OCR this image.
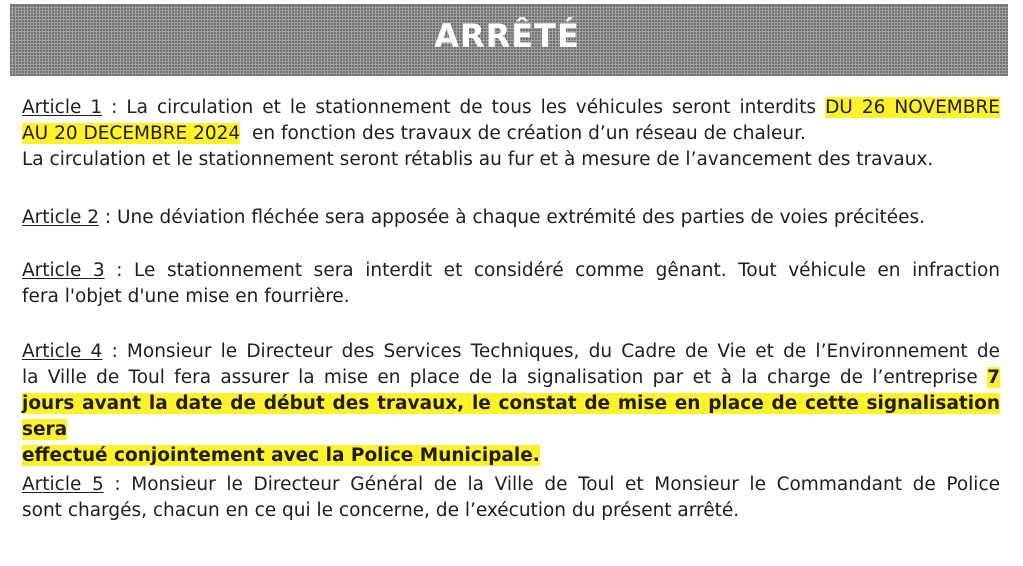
ARRÊTÉ
Article 1 : La circulation et le stationnement de tous les véhicules seront interdits DU 26 NOVEMBRE
AU 20 DECEMBRE 2024  en fonction des travaux de création d’un réseau de chaleur.
La circulation et le stationnement seront rétablis au fur et à mesure de l’avancement des travaux.
Article 2 : Une déviation fléchée sera apposée à chaque extrémité des parties de voies précitées.
Article 3 : Le stationnement sera interdit et considéré comme gênant. Tout véhicule en infraction
fera l'objet d'une mise en fourrière.
Article 4 : Monsieur le Directeur des Services Techniques, du Cadre de Vie et de l’Environnement de
la Ville de Toul fera assurer la mise en place de la signalisation par et à la charge de l’entreprise 7
jours avant la date de début des travaux, le constat de mise en place de cette signalisation sera
effectué conjointement avec la Police Municipale.
Article 5 : Monsieur le Directeur Général de la Ville de Toul et Monsieur le Commandant de Police
sont chargés, chacun en ce qui le concerne, de l’exécution du présent arrêté.
